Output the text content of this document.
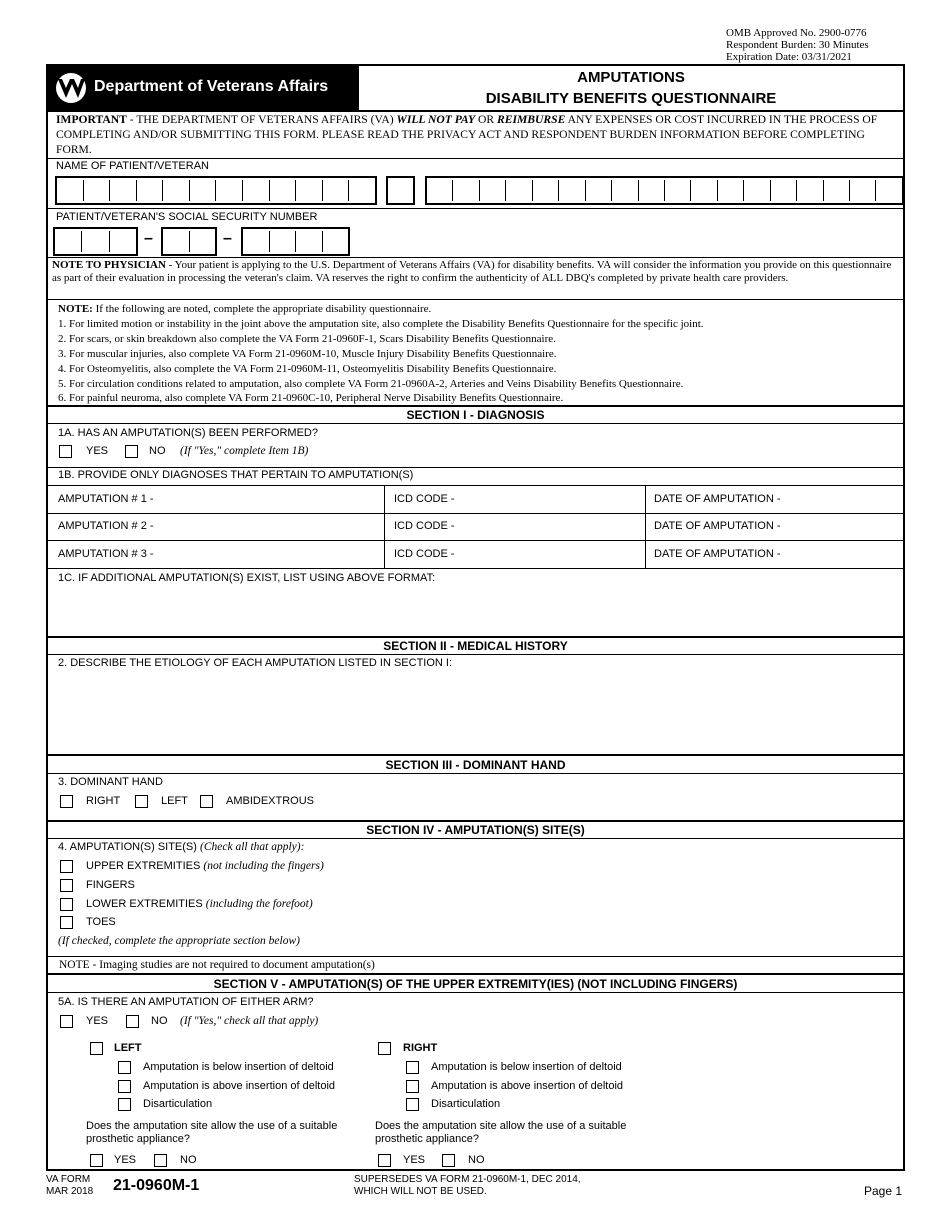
OMB Approved No. 2900-0776
Respondent Burden: 30 Minutes
Expiration Date: 03/31/2021
Department of Veterans Affairs
AMPUTATIONS
DISABILITY BENEFITS QUESTIONNAIRE
IMPORTANT - THE DEPARTMENT OF VETERANS AFFAIRS (VA) WILL NOT PAY OR REIMBURSE ANY EXPENSES OR COST INCURRED IN THE PROCESS OF COMPLETING AND/OR SUBMITTING THIS FORM. PLEASE READ THE PRIVACY ACT AND RESPONDENT BURDEN INFORMATION BEFORE COMPLETING FORM.
NAME OF PATIENT/VETERAN
PATIENT/VETERAN'S SOCIAL SECURITY NUMBER
–	–
NOTE TO PHYSICIAN - Your patient is applying to the U.S. Department of Veterans Affairs (VA) for disability benefits. VA will consider the information you provide on this questionnaire as part of their evaluation in processing the veteran's claim. VA reserves the right to confirm the authenticity of ALL DBQ's completed by private health care providers.
NOTE: If the following are noted, complete the appropriate disability questionnaire.
1. For limited motion or instability in the joint above the amputation site, also complete the Disability Benefits Questionnaire for the specific joint.
2. For scars, or skin breakdown also complete the VA Form 21-0960F-1, Scars Disability Benefits Questionnaire.
3. For muscular injuries, also complete VA Form 21-0960M-10, Muscle Injury Disability Benefits Questionnaire.
4. For Osteomyelitis, also complete the VA Form 21-0960M-11, Osteomyelitis Disability Benefits Questionnaire.
5. For circulation conditions related to amputation, also complete VA Form 21-0960A-2, Arteries and Veins Disability Benefits Questionnaire.
6. For painful neuroma, also complete VA Form 21-0960C-10, Peripheral Nerve Disability Benefits Questionnaire.
SECTION I - DIAGNOSIS
1A. HAS AN AMPUTATION(S) BEEN PERFORMED?
YES	NO (If "Yes," complete Item 1B)
1B. PROVIDE ONLY DIAGNOSES THAT PERTAIN TO AMPUTATION(S)
AMPUTATION # 1 -	ICD CODE -	DATE OF AMPUTATION -
AMPUTATION # 2 -	ICD CODE -	DATE OF AMPUTATION -
AMPUTATION # 3 -	ICD CODE -	DATE OF AMPUTATION -
1C. IF ADDITIONAL AMPUTATION(S) EXIST, LIST USING ABOVE FORMAT:
SECTION II - MEDICAL HISTORY
2. DESCRIBE THE ETIOLOGY OF EACH AMPUTATION LISTED IN SECTION I:
SECTION III - DOMINANT HAND
3. DOMINANT HAND
RIGHT	LEFT	AMBIDEXTROUS
SECTION IV - AMPUTATION(S) SITE(S)
4. AMPUTATION(S) SITE(S) (Check all that apply):
UPPER EXTREMITIES (not including the fingers)
FINGERS
LOWER EXTREMITIES (including the forefoot)
TOES
(If checked, complete the appropriate section below)
NOTE - Imaging studies are not required to document amputation(s)
SECTION V - AMPUTATION(S) OF THE UPPER EXTREMITY(IES) (NOT INCLUDING FINGERS)
5A. IS THERE AN AMPUTATION OF EITHER ARM?
YES	NO (If "Yes," check all that apply)
LEFT
Amputation is below insertion of deltoid
Amputation is above insertion of deltoid
Disarticulation
Does the amputation site allow the use of a suitable
prosthetic appliance?
YES	NO
RIGHT
Amputation is below insertion of deltoid
Amputation is above insertion of deltoid
Disarticulation
Does the amputation site allow the use of a suitable
prosthetic appliance?
YES	NO
VA FORM
MAR 2018 21-0960M-1	SUPERSEDES VA FORM 21-0960M-1, DEC 2014,
WHICH WILL NOT BE USED.	Page 1
